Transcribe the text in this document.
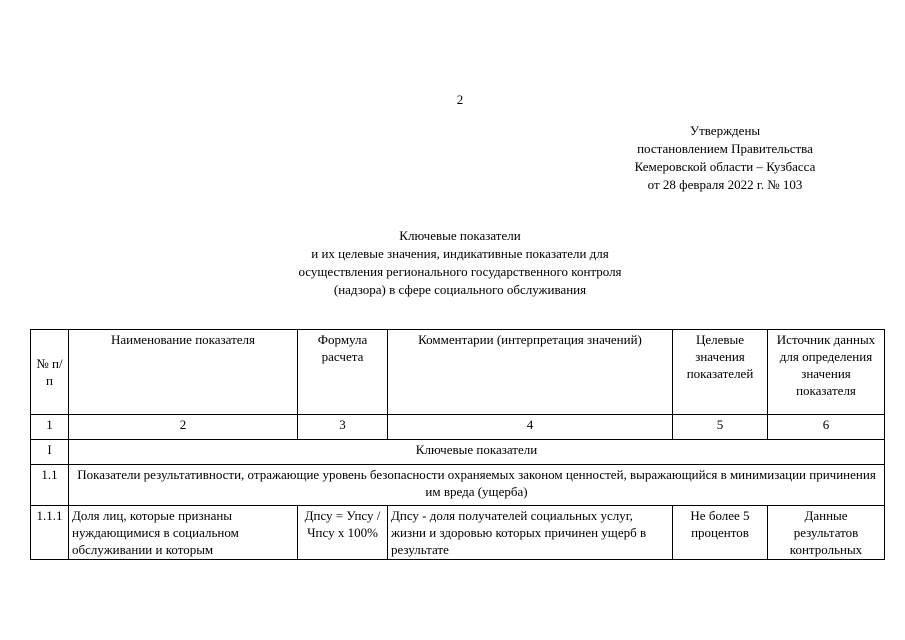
2
Утверждены
постановлением Правительства
Кемеровской области – Кузбасса
от 28 февраля 2022 г. № 103
Ключевые показатели
и их целевые значения, индикативные показатели для
осуществления регионального государственного контроля
(надзора) в сфере социального обслуживания
№ п/п	Наименование показателя	Формула расчета	Комментарии (интерпретация значений)	Целевые значения показателей	Источник данных для определения значения показателя
1	2	3	4	5	6
I	Ключевые показатели				
1.1	Показатели результативности, отражающие уровень безопасности охраняемых законом ценностей, выражающийся в минимизации причинения им вреда (ущерба)				
1.1.1	Доля лиц, которые признаны нуждающимися в социальном обслуживании и которым	Дпсу = Упсу / Чпсу х 100%	Дпсу - доля получателей социальных услуг, жизни и здоровью которых причинен ущерб в результате	Не более 5 процентов	Данные результатов контрольных
